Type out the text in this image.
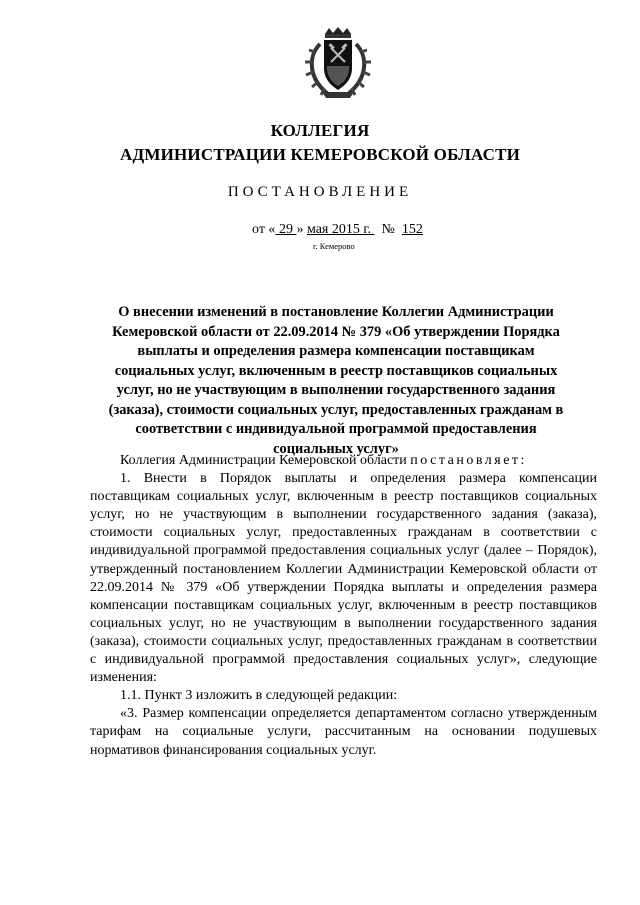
КОЛЛЕГИЯ
АДМИНИСТРАЦИИ КЕМЕРОВСКОЙ ОБЛАСТИ
ПОСТАНОВЛЕНИЕ
от « 29 » мая 2015 г.   №  152
г. Кемерово
О внесении изменений в постановление Коллегии Администрации Кемеровской области от 22.09.2014 № 379 «Об утверждении Порядка выплаты и определения размера компенсации поставщикам социальных услуг, включенным в реестр поставщиков социальных услуг, но не участвующим в выполнении государственного задания (заказа), стоимости социальных услуг, предоставленных гражданам в соответствии с индивидуальной программой предоставления социальных услуг»

Коллегия Администрации Кемеровской области постановляет:

1. Внести в Порядок выплаты и определения размера компенсации поставщикам социальных услуг, включенным в реестр поставщиков социальных услуг, но не участвующим в выполнении государственного задания (заказа), стоимости социальных услуг, предоставленных гражданам в соответствии с индивидуальной программой предоставления социальных услуг (далее – Порядок), утвержденный постановлением Коллегии Администрации Кемеровской области от 22.09.2014 № 379 «Об утверждении Порядка выплаты и определения размера компенсации поставщикам социальных услуг, включенным в реестр поставщиков социальных услуг, но не участвующим в выполнении государственного задания (заказа), стоимости социальных услуг, предоставленных гражданам в соответствии с индивидуальной программой предоставления социальных услуг», следующие изменения:

1.1. Пункт 3 изложить в следующей редакции:

«3. Размер компенсации определяется департаментом согласно утвержденным тарифам на социальные услуги, рассчитанным на основании подушевых нормативов финансирования социальных услуг.
